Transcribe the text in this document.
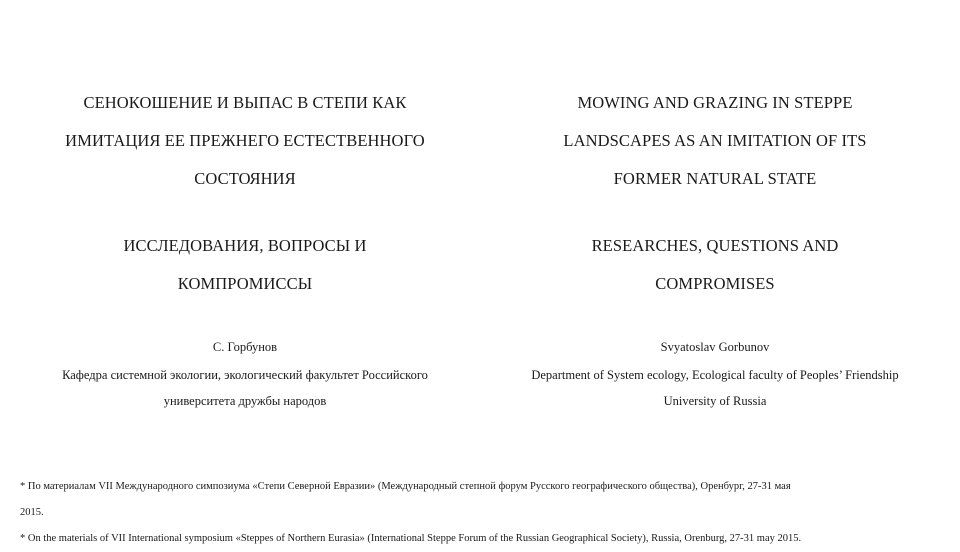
СЕНОКОШЕНИЕ И ВЫПАС В СТЕПИ КАК
ИМИТАЦИЯ ЕЕ ПРЕЖНЕГО ЕСТЕСТВЕННОГО
СОСТОЯНИЯ
ИССЛЕДОВАНИЯ, ВОПРОСЫ И
КОМПРОМИССЫ
С. Горбунов
Кафедра системной экологии, экологический факультет Российского
университета дружбы народов
MOWING AND GRAZING IN STEPPE
LANDSCAPES AS AN IMITATION OF ITS
FORMER NATURAL STATE
RESEARCHES, QUESTIONS AND
COMPROMISES
Svyatoslav Gorbunov
Department of System ecology, Ecological faculty of Peoples’ Friendship
University of Russia
* По материалам VII Международного симпозиума «Степи Северной Евразии» (Международный степной форум Русского географического общества), Оренбург, 27-31 мая
2015.
* On the materials of VII International symposium «Steppes of Northern Eurasia» (International Steppe Forum of the Russian Geographical Society), Russia, Orenburg, 27-31 may 2015.
